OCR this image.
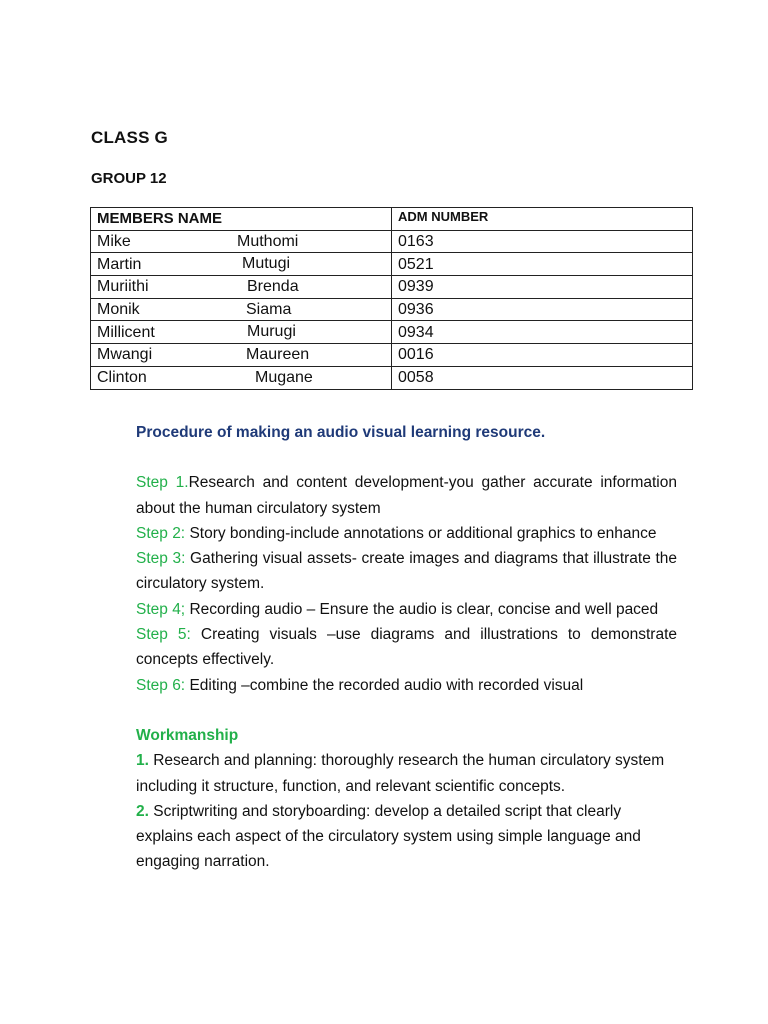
CLASS G
GROUP 12
MEMBERS NAME	ADM NUMBER
Mike Muthomi	0163
Martin Mutugi	0521
Muriithi Brenda	0939
Monik Siama	0936
Millicent Murugi	0934
Mwangi Maureen	0016
Clinton Mugane	0058

Procedure of making an audio visual learning resource.

Step 1.Research and content development-you gather accurate information about the human circulatory system

Step 2: Story bonding-include annotations or additional graphics to enhance

Step 3: Gathering visual assets- create images and diagrams that illustrate the circulatory system.

Step 4; Recording audio – Ensure the audio is clear, concise and well paced

Step 5: Creating visuals –use diagrams and illustrations to demonstrate concepts effectively.

Step 6: Editing –combine the recorded audio with recorded visual

Workmanship

1. Research and planning: thoroughly research the human circulatory system including it structure, function, and relevant scientific concepts.

2. Scriptwriting and storyboarding: develop a detailed script that clearly explains each aspect of the circulatory system using simple language and engaging narration.
